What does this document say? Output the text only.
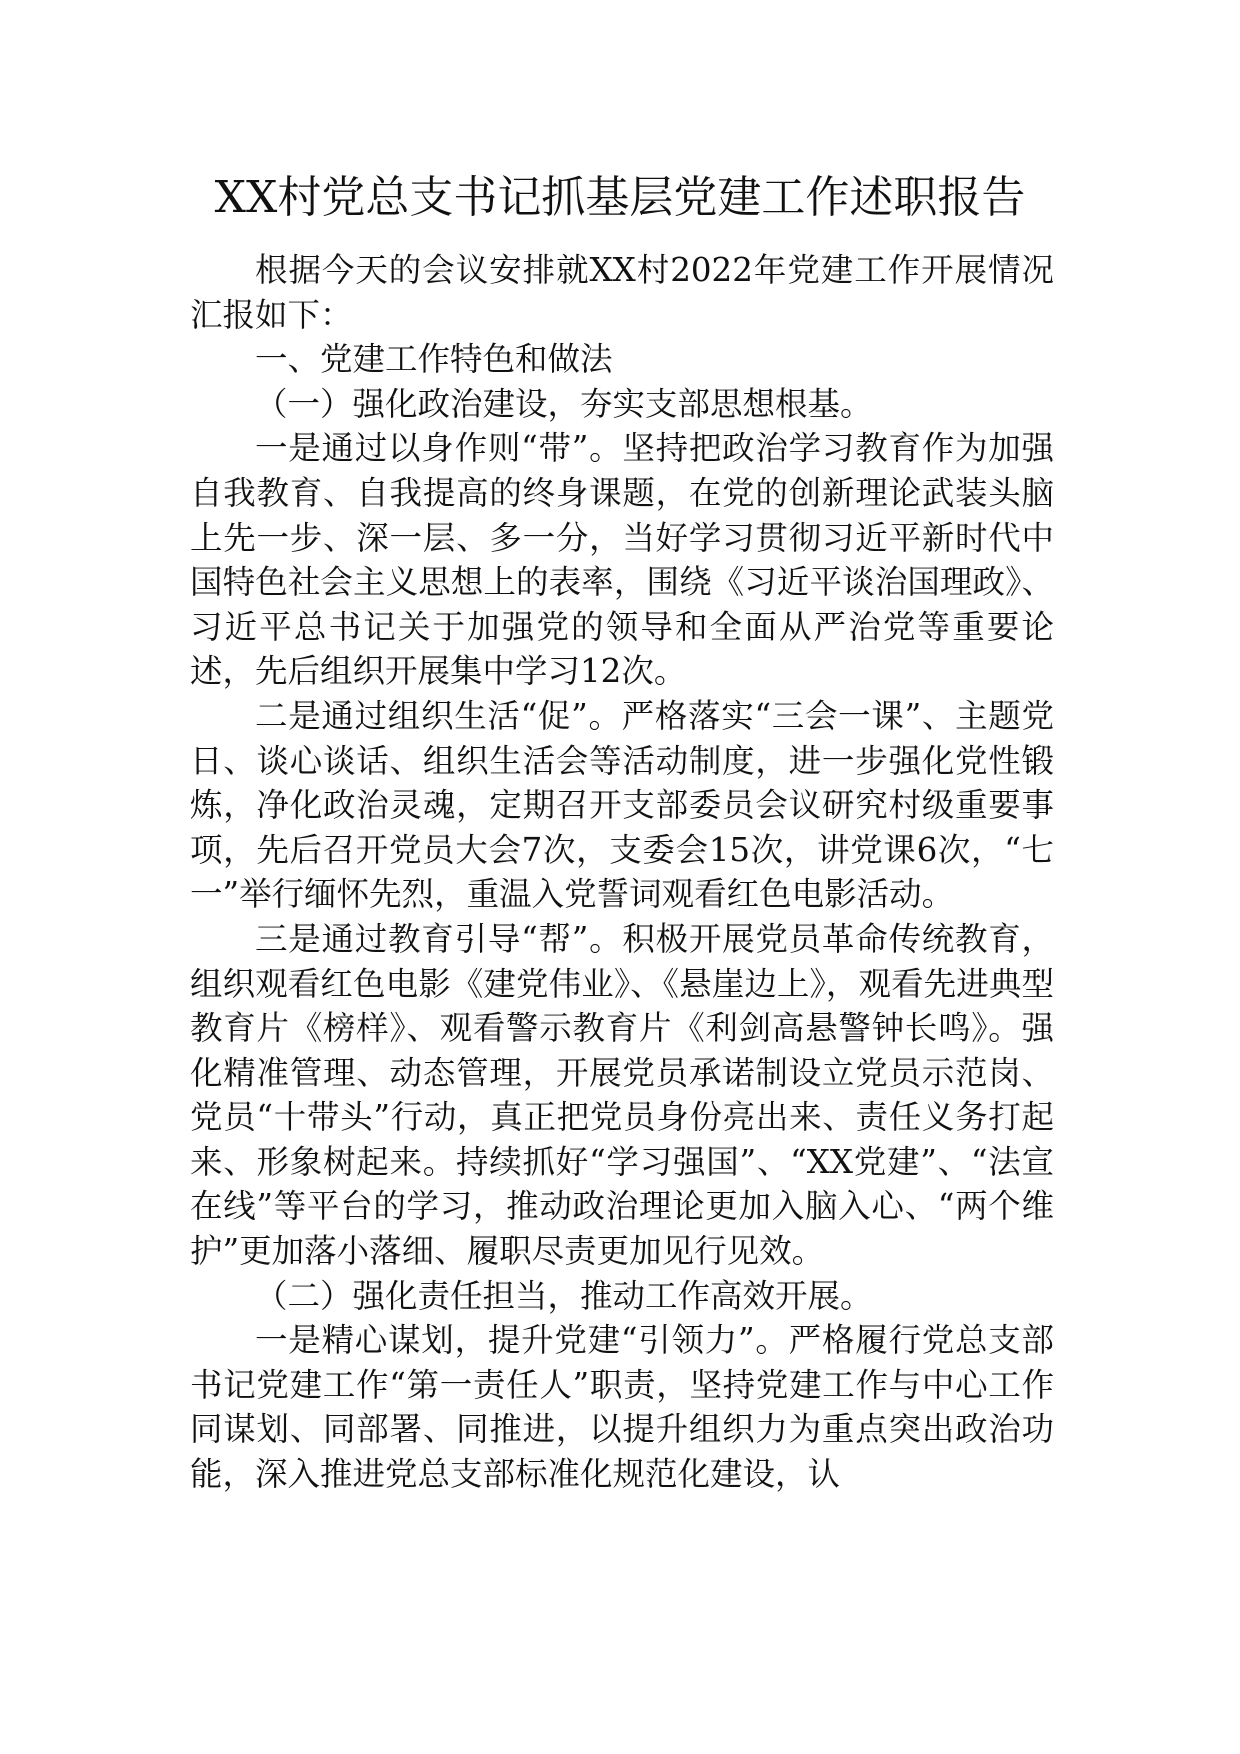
XX村党总支书记抓基层党建工作述职报告

根据今天的会议安排就XX村2022年党建工作开展情况汇报如下：

一、党建工作特色和做法

（一）强化政治建设，夯实支部思想根基。

一是通过以身作则“带”。坚持把政治学习教育作为加强自我教育、自我提高的终身课题，在党的创新理论武装头脑上先一步、深一层、多一分，当好学习贯彻习近平新时代中国特色社会主义思想上的表率，围绕《习近平谈治国理政》、习近平总书记关于加强党的领导和全面从严治党等重要论述，先后组织开展集中学习12次。

二是通过组织生活“促”。严格落实“三会一课”、主题党日、谈心谈话、组织生活会等活动制度，进一步强化党性锻炼，净化政治灵魂，定期召开支部委员会议研究村级重要事项，先后召开党员大会7次，支委会15次，讲党课6次，“七一”举行缅怀先烈，重温入党誓词观看红色电影活动。

三是通过教育引导“帮”。积极开展党员革命传统教育，组织观看红色电影《建党伟业》、《悬崖边上》，观看先进典型教育片《榜样》、观看警示教育片《利剑高悬警钟长鸣》。强化精准管理、动态管理，开展党员承诺制设立党员示范岗、党员“十带头”行动，真正把党员身份亮出来、责任义务打起来、形象树起来。持续抓好“学习强国”、“XX党建”、“法宣在线”等平台的学习，推动政治理论更加入脑入心、“两个维护”更加落小落细、履职尽责更加见行见效。

（二）强化责任担当，推动工作高效开展。

一是精心谋划，提升党建“引领力”。严格履行党总支部书记党建工作“第一责任人”职责，坚持党建工作与中心工作同谋划、同部署、同推进，以提升组织力为重点突出政治功能，深入推进党总支部标准化规范化建设，认
